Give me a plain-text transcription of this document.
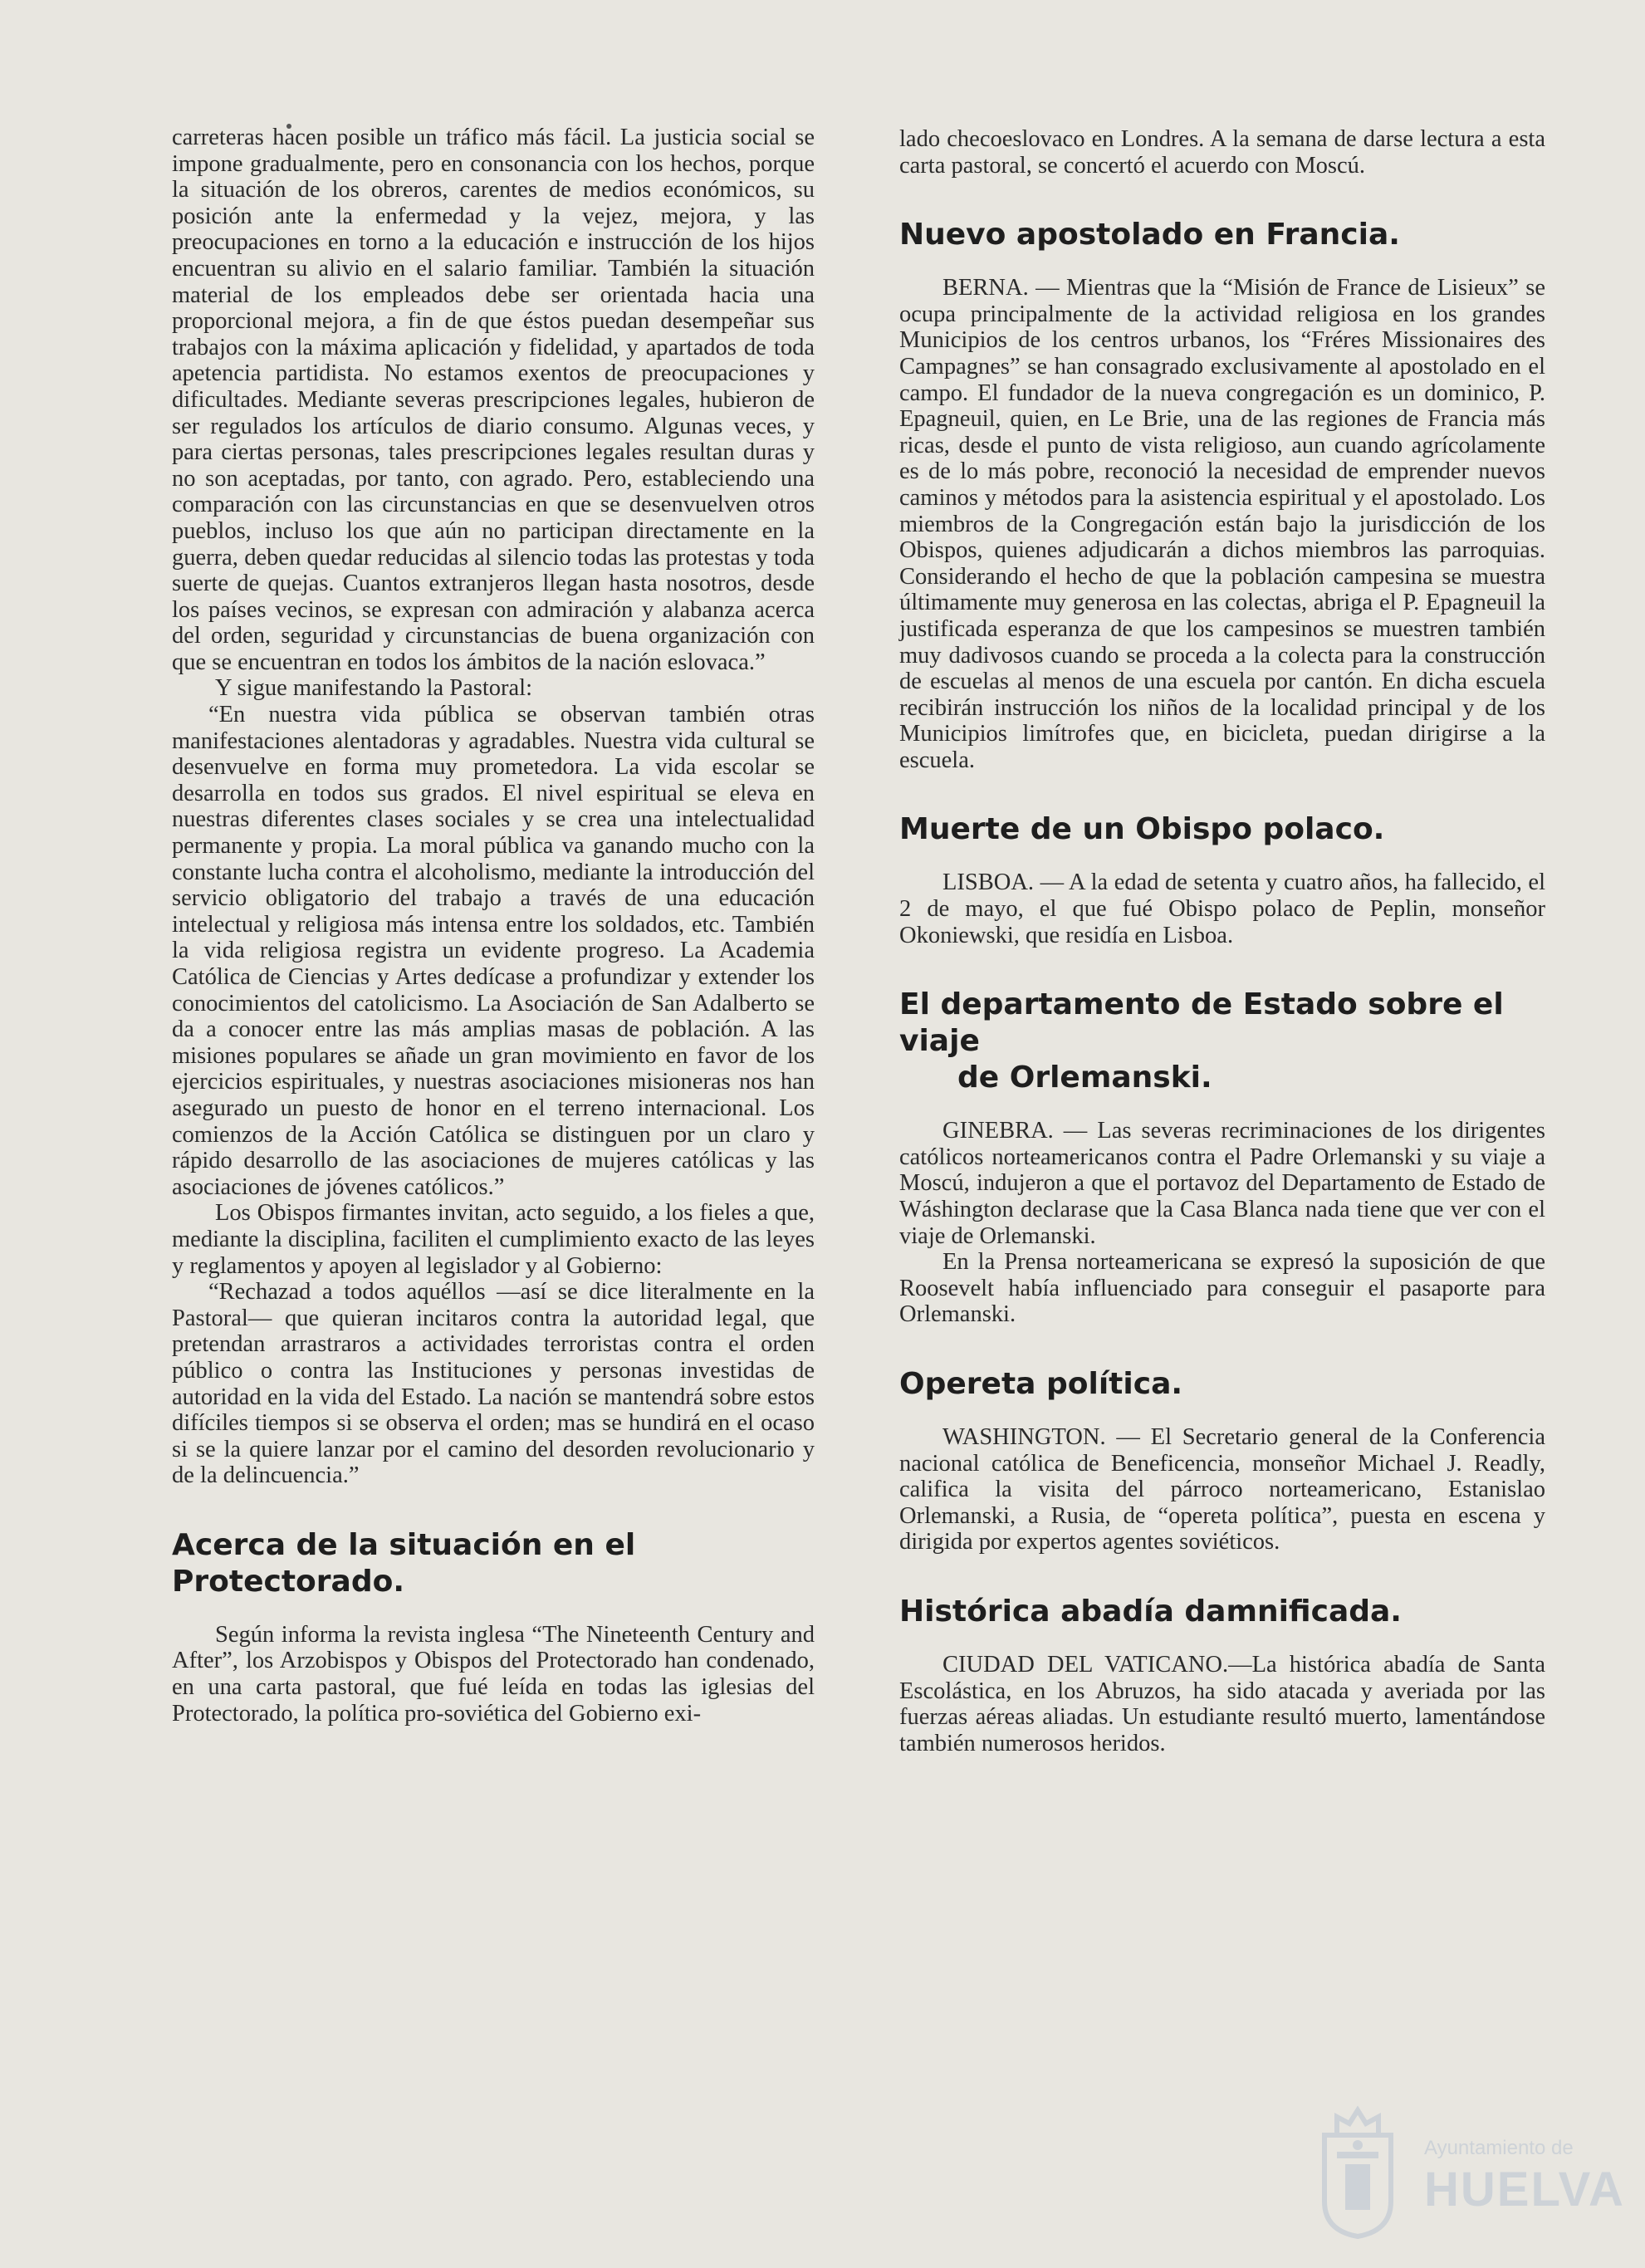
carreteras hacen posible un tráfico más fácil. La justicia social se impone gradualmente, pero en consonancia con los hechos, porque la situación de los obreros, carentes de medios económicos, su posición ante la enfermedad y la vejez, mejora, y las preocupaciones en torno a la educación e instrucción de los hijos encuentran su alivio en el salario familiar. También la situación material de los empleados debe ser orientada hacia una proporcional mejora, a fin de que éstos puedan desempeñar sus trabajos con la máxima aplicación y fidelidad, y apartados de toda apetencia partidista. No estamos exentos de preocupaciones y dificultades. Mediante severas prescripciones legales, hubieron de ser regulados los artículos de diario consumo. Algunas veces, y para ciertas personas, tales prescripciones legales resultan duras y no son aceptadas, por tanto, con agrado. Pero, estableciendo una comparación con las circunstancias en que se desenvuelven otros pueblos, incluso los que aún no participan directamente en la guerra, deben quedar reducidas al silencio todas las protestas y toda suerte de quejas. Cuantos extranjeros llegan hasta nosotros, desde los países vecinos, se expresan con admiración y alabanza acerca del orden, seguridad y circunstancias de buena organización con que se encuentran en todos los ámbitos de la nación eslovaca.”

Y sigue manifestando la Pastoral:

“En nuestra vida pública se observan también otras manifestaciones alentadoras y agradables. Nuestra vida cultural se desenvuelve en forma muy prometedora. La vida escolar se desarrolla en todos sus grados. El nivel espiritual se eleva en nuestras diferentes clases sociales y se crea una intelectualidad permanente y propia. La moral pública va ganando mucho con la constante lucha contra el alcoholismo, mediante la introducción del servicio obligatorio del trabajo a través de una educación intelectual y religiosa más intensa entre los soldados, etc. También la vida religiosa registra un evidente progreso. La Academia Católica de Ciencias y Artes dedícase a profundizar y extender los conocimientos del catolicismo. La Asociación de San Adalberto se da a conocer entre las más amplias masas de población. A las misiones populares se añade un gran movimiento en favor de los ejercicios espirituales, y nuestras asociaciones misioneras nos han asegurado un puesto de honor en el terreno internacional. Los comienzos de la Acción Católica se distinguen por un claro y rápido desarrollo de las asociaciones de mujeres católicas y las asociaciones de jóvenes católicos.”

Los Obispos firmantes invitan, acto seguido, a los fieles a que, mediante la disciplina, faciliten el cumplimiento exacto de las leyes y reglamentos y apoyen al legislador y al Gobierno:

“Rechazad a todos aquéllos —así se dice literalmente en la Pastoral— que quieran incitaros contra la autoridad legal, que pretendan arrastraros a actividades terroristas contra el orden público o contra las Instituciones y personas investidas de autoridad en la vida del Estado. La nación se mantendrá sobre estos difíciles tiempos si se observa el orden; mas se hundirá en el ocaso si se la quiere lanzar por el camino del desorden revolucionario y de la delincuencia.”

Acerca de la situación en el Protectorado.

Según informa la revista inglesa “The Nineteenth Century and After”, los Arzobispos y Obispos del Protectorado han condenado, en una carta pastoral, que fué leída en todas las iglesias del Protectorado, la política pro-soviética del Gobierno exi-

lado checoeslovaco en Londres. A la semana de darse lectura a esta carta pastoral, se concertó el acuerdo con Moscú.

Nuevo apostolado en Francia.

BERNA. — Mientras que la “Misión de France de Lisieux” se ocupa principalmente de la actividad religiosa en los grandes Municipios de los centros urbanos, los “Fréres Missionaires des Campagnes” se han consagrado exclusivamente al apostolado en el campo. El fundador de la nueva congregación es un dominico, P. Epagneuil, quien, en Le Brie, una de las regiones de Francia más ricas, desde el punto de vista religioso, aun cuando agrícolamente es de lo más pobre, reconoció la necesidad de emprender nuevos caminos y métodos para la asistencia espiritual y el apostolado. Los miembros de la Congregación están bajo la jurisdicción de los Obispos, quienes adjudicarán a dichos miembros las parroquias. Considerando el hecho de que la población campesina se muestra últimamente muy generosa en las colectas, abriga el P. Epagneuil la justificada esperanza de que los campesinos se muestren también muy dadivosos cuando se proceda a la colecta para la construcción de escuelas al menos de una escuela por cantón. En dicha escuela recibirán instrucción los niños de la localidad principal y de los Municipios limítrofes que, en bicicleta, puedan dirigirse a la escuela.

Muerte de un Obispo polaco.

LISBOA. — A la edad de setenta y cuatro años, ha fallecido, el 2 de mayo, el que fué Obispo polaco de Peplin, monseñor Okoniewski, que residía en Lisboa.

El departamento de Estado sobre el viaje
de Orlemanski.

GINEBRA. — Las severas recriminaciones de los dirigentes católicos norteamericanos contra el Padre Orlemanski y su viaje a Moscú, indujeron a que el portavoz del Departamento de Estado de Wáshington declarase que la Casa Blanca nada tiene que ver con el viaje de Orlemanski.

En la Prensa norteamericana se expresó la suposición de que Roosevelt había influenciado para conseguir el pasaporte para Orlemanski.

Opereta política.

WASHINGTON. — El Secretario general de la Conferencia nacional católica de Beneficencia, monseñor Michael J. Readly, califica la visita del párroco norteamericano, Estanislao Orlemanski, a Rusia, de “opereta política”, puesta en escena y dirigida por expertos agentes soviéticos.

Histórica abadía damnificada.

CIUDAD DEL VATICANO.—La histórica abadía de Santa Escolástica, en los Abruzos, ha sido atacada y averiada por las fuerzas aéreas aliadas. Un estudiante resultó muerto, lamentándose también numerosos heridos.

Ayuntamiento de
HUELVA
